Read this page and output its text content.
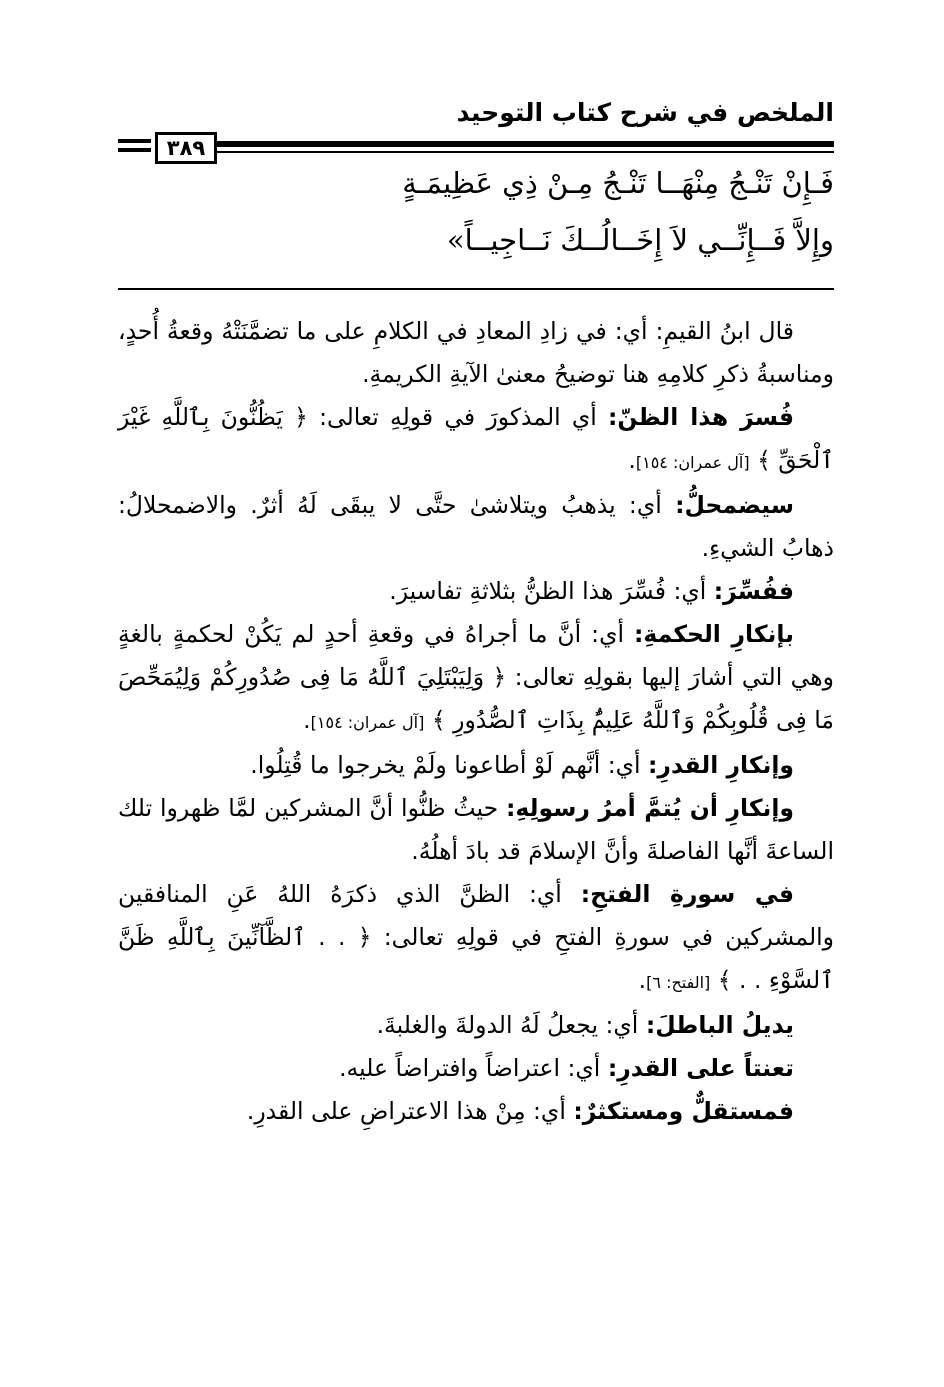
الملخص في شرح كتاب التوحيد
٣٨٩
فَـإِنْ تَنْـجُ مِنْهَــا تَنْـجُ مِـنْ ذِي عَظِيمَـةٍ
وإِلاَّ فَــإِنِّــي لاَ إِخَــالُــكَ نَــاجِيــاً»

قال ابنُ القيمِ: أي: في زادِ المعادِ في الكلامِ على ما تضمَّنَتْهُ وقعةُ أُحدٍ، ومناسبةُ ذكرِ كلامِهِ هنا توضيحُ معنىٰ الآيةِ الكريمةِ.

فُسرَ هذا الظنّ: أي المذكورَ في قولِهِ تعالى: ﴿ يَظُنُّونَ بِٱللَّهِ غَيْرَ ٱلْحَقِّ ﴾ [آل عمران: ١٥٤].

سيضمحلُّ: أي: يذهبُ ويتلاشىٰ حتَّى لا يبقَى لَهُ أثرٌ. والاضمحلالُ: ذهابُ الشيءِ.

ففُسِّرَ: أي: فُسِّرَ هذا الظنُّ بثلاثةِ تفاسيرَ.

بإنكارِ الحكمةِ: أي: أنَّ ما أجراهُ في وقعةِ أحدٍ لم يَكُنْ لحكمةٍ بالغةٍ وهي التي أشارَ إليها بقولِهِ تعالى: ﴿ وَلِيَبْتَلِيَ ٱللَّهُ مَا فِى صُدُورِكُمْ وَلِيُمَحِّصَ مَا فِى قُلُوبِكُمْ وَٱللَّهُ عَلِيمٌۢ بِذَاتِ ٱلصُّدُورِ ﴾ [آل عمران: ١٥٤].

وإنكارِ القدرِ: أي: أنَّهم لَوْ أطاعونا ولَمْ يخرجوا ما قُتِلُوا.

وإنكارِ أن يُتمَّ أمرُ رسولِهِ: حيثُ ظنُّوا أنَّ المشركين لمَّا ظهروا تلك الساعةَ أنَّها الفاصلةَ وأنَّ الإسلامَ قد بادَ أهلُهُ.

في سورةِ الفتحِ: أي: الظنَّ الذي ذكرَهُ اللهُ عَنِ المنافقين والمشركين في سورةِ الفتحِ في قولِهِ تعالى: ﴿ . . ٱلظَّآنِّينَ بِٱللَّهِ ظَنَّ ٱلسَّوْءِ . . ﴾ [الفتح: ٦].

يديلُ الباطلَ: أي: يجعلُ لَهُ الدولةَ والغلبةَ.

تعنتاً على القدرِ: أي: اعتراضاً وافتراضاً عليه.

فمستقلٌّ ومستكثرٌ: أي: مِنْ هذا الاعتراضِ على القدرِ.
